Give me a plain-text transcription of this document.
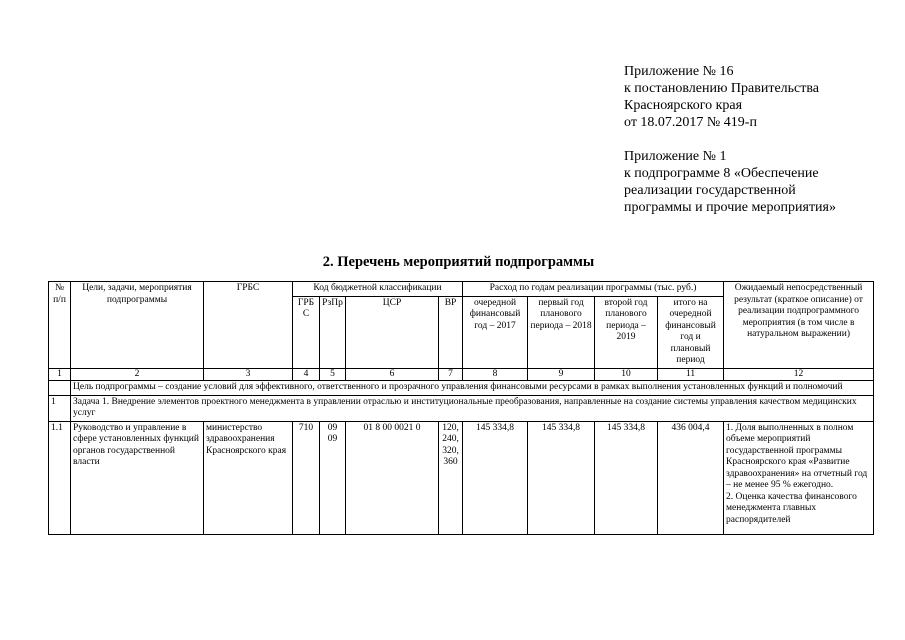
Приложение № 16
к постановлению Правительства
Красноярского края
от 18.07.2017 № 419-п
Приложение № 1
к подпрограмме 8 «Обеспечение
реализации государственной
программы и прочие мероприятия»
2. Перечень мероприятий подпрограммы
№ п/п	Цели, задачи, мероприятия подпрограммы	ГРБС	Код бюджетной классификации				Расход по годам реализации программы (тыс. руб.)				Ожидаемый непосредственный результат (краткое описание) от реализации подпрограммного мероприятия (в том числе в натуральном выражении)
			ГРБС	РзПр	ЦСР	ВР	очередной финансовый год – 2017	первый год планового периода – 2018	второй год планового периода – 2019	итого на очередной финансовый год и плановый период	
1	2	3	4	5	6	7	8	9	10	11	12
	Цель подпрограммы – создание условий для эффективного, ответственного и прозрачного управления финансовыми ресурсами в рамках выполнения установленных функций и полномочий										
1	Задача 1. Внедрение элементов проектного менеджмента в управлении отраслью и институциональные преобразования, направленные на создание системы управления качеством медицинских услуг										
1.1	Руководство и управление в сфере установленных функций органов государственной власти	министерство здравоохранения Красноярского края	710	09 09	01 8 00 0021 0	120, 240, 320, 360	145 334,8	145 334,8	145 334,8	436 004,4	1. Доля выполненных в полном объеме мероприятий государственной программы Красноярского края «Развитие здравоохранения» на отчетный год – не менее 95 % ежегодно.
2. Оценка качества финансового менеджмента главных распорядителей
